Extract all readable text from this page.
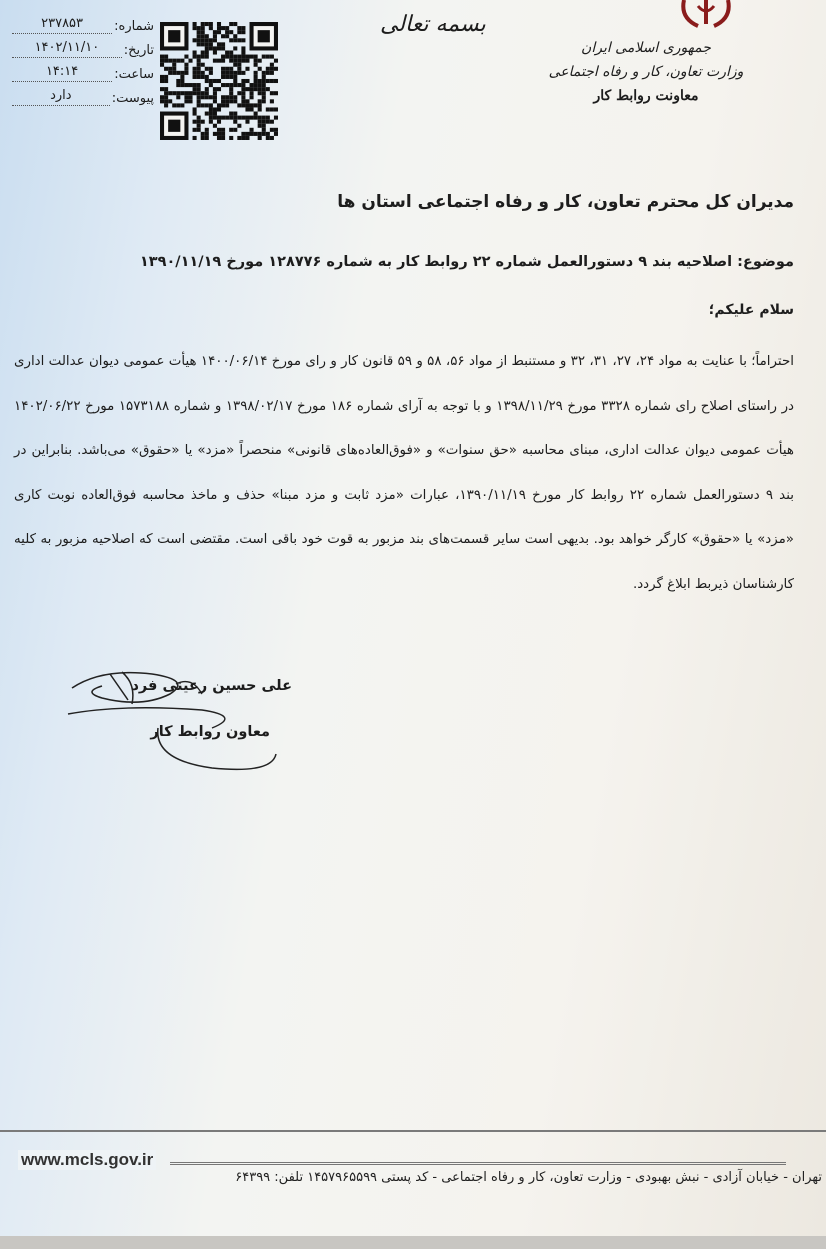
جمهوری اسلامی ایران
وزارت تعاون، کار و رفاه اجتماعی
معاونت روابط کار
بسمه تعالی
شماره:
۲۳۷۸۵۳
تاریخ:
۱۴۰۲/۱۱/۱۰
ساعت:
۱۴:۱۴
پیوست:
دارد
مدیران کل محترم تعاون، کار و رفاه اجتماعی استان ها
موضوع: اصلاحیه بند ۹ دستورالعمل شماره ۲۲ روابط کار به شماره ۱۲۸۷۷۶ مورخ ۱۳۹۰/۱۱/۱۹
سلام علیکم؛
احتراماً؛ با عنایت به مواد ۲۴، ۲۷، ۳۱، ۳۲ و مستنبط از مواد ۵۶، ۵۸ و ۵۹ قانون کار و رای مورخ ۱۴۰۰/۰۶/۱۴ هیأت عمومی دیوان عدالت اداری در راستای اصلاح رای شماره ۳۳۲۸ مورخ ۱۳۹۸/۱۱/۲۹ و با توجه به آرای شماره ۱۸۶ مورخ ۱۳۹۸/۰۲/۱۷ و شماره ۱۵۷۳۱۸۸ مورخ ۱۴۰۲/۰۶/۲۲ هیأت عمومی دیوان عدالت اداری، مبنای محاسبه «حق سنوات» و «فوق‌العاده‌های قانونی» منحصراً «مزد» یا «حقوق» می‌باشد. بنابراین در بند ۹ دستورالعمل شماره ۲۲ روابط کار مورخ ۱۳۹۰/۱۱/۱۹، عبارات «مزد ثابت و مزد مبنا» حذف و ماخذ محاسبه فوق‌العاده نوبت کاری «مزد» یا «حقوق» کارگر خواهد بود. بدیهی است سایر قسمت‌های بند مزبور به قوت خود باقی است. مقتضی است که اصلاحیه مزبور به کلیه کارشناسان ذیربط ابلاغ گردد.
علی حسین رعینی فرد
معاون روابط کار
www.mcls.gov.ir
تهران - خیابان آزادی - نبش بهبودی - وزارت تعاون، کار و رفاه اجتماعی - کد پستی ۱۴۵۷۹۶۵۵۹۹ تلفن: ۶۴۳۹۹
